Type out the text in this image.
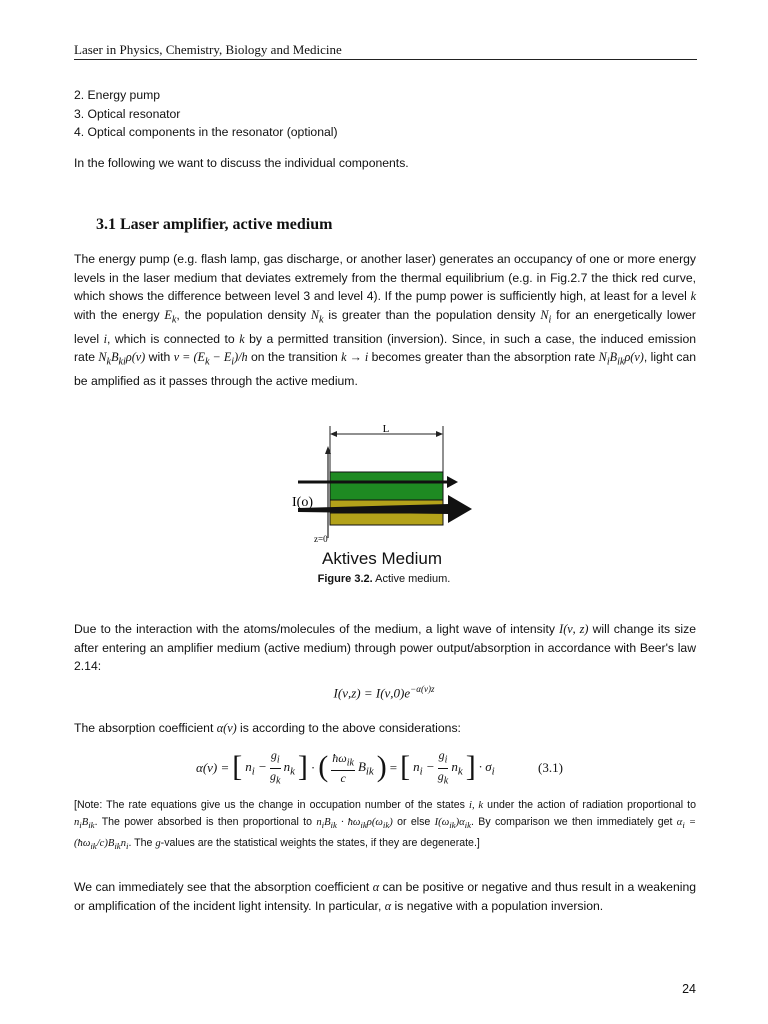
Laser in Physics, Chemistry, Biology and Medicine
2. Energy pump
3. Optical resonator
4. Optical components in the resonator (optional)
In the following we want to discuss the individual components.
3.1 Laser amplifier, active medium
The energy pump (e.g. flash lamp, gas discharge, or another laser) generates an occupancy of one or more energy levels in the laser medium that deviates extremely from the thermal equilibrium (e.g. in Fig.2.7 the thick red curve, which shows the difference between level 3 and level 4). If the pump power is sufficiently high, at least for a level k with the energy $E_k$, the population density $N_k$ is greater than the population density $N_i$ for an energetically lower level i, which is connected to k by a permitted transition (inversion). Since, in such a case, the induced emission rate $N_kB_{ki}\rho(\nu)$ with $\nu = (E_k - E_i)/h$ on the transition k → i becomes greater than the absorption rate $N_iB_{ik}\rho(\nu)$, light can be amplified as it passes through the active medium.
L
I(o)
z=0
Aktives Medium
Figure 3.2. Active medium.
Due to the interaction with the atoms/molecules of the medium, a light wave of intensity I(ν, z) will change its size after entering an amplifier medium (active medium) through power output/absorption in accordance with Beer's law 2.14:
$I(\nu,z) = I(\nu,0)e^{-\alpha(\nu)z}$
The absorption coefficient α(ν) is according to the above considerations:
α(ν) = [ $n_i - \frac{g_i}{g_k} n_k$ ] · ( $\frac{ħ\omega_{ik}}{c} B_{ik}$ ) = [ $n_i - \frac{g_i}{g_k} n_k$ ] · $\sigma_i$	(3.1)
[Note: The rate equations give us the change in occupation number of the states i, k under the action of radiation proportional to $n_iB_{ik}$. The power absorbed is then proportional to $n_iB_{ik}$ · $ħ\omega_{ik}\rho(\omega_{ik})$ or else $I(\omega_{ik})\alpha_{ik}$. By comparison we then immediately get $\alpha_i$ = $(ħ\omega_{ik}/c)B_{ik}n_i$. The g-values are the statistical weights the states, if they are degenerate.]
We can immediately see that the absorption coefficient α can be positive or negative and thus result in a weakening or amplification of the incident light intensity. In particular, α is negative with a population inversion.
24
